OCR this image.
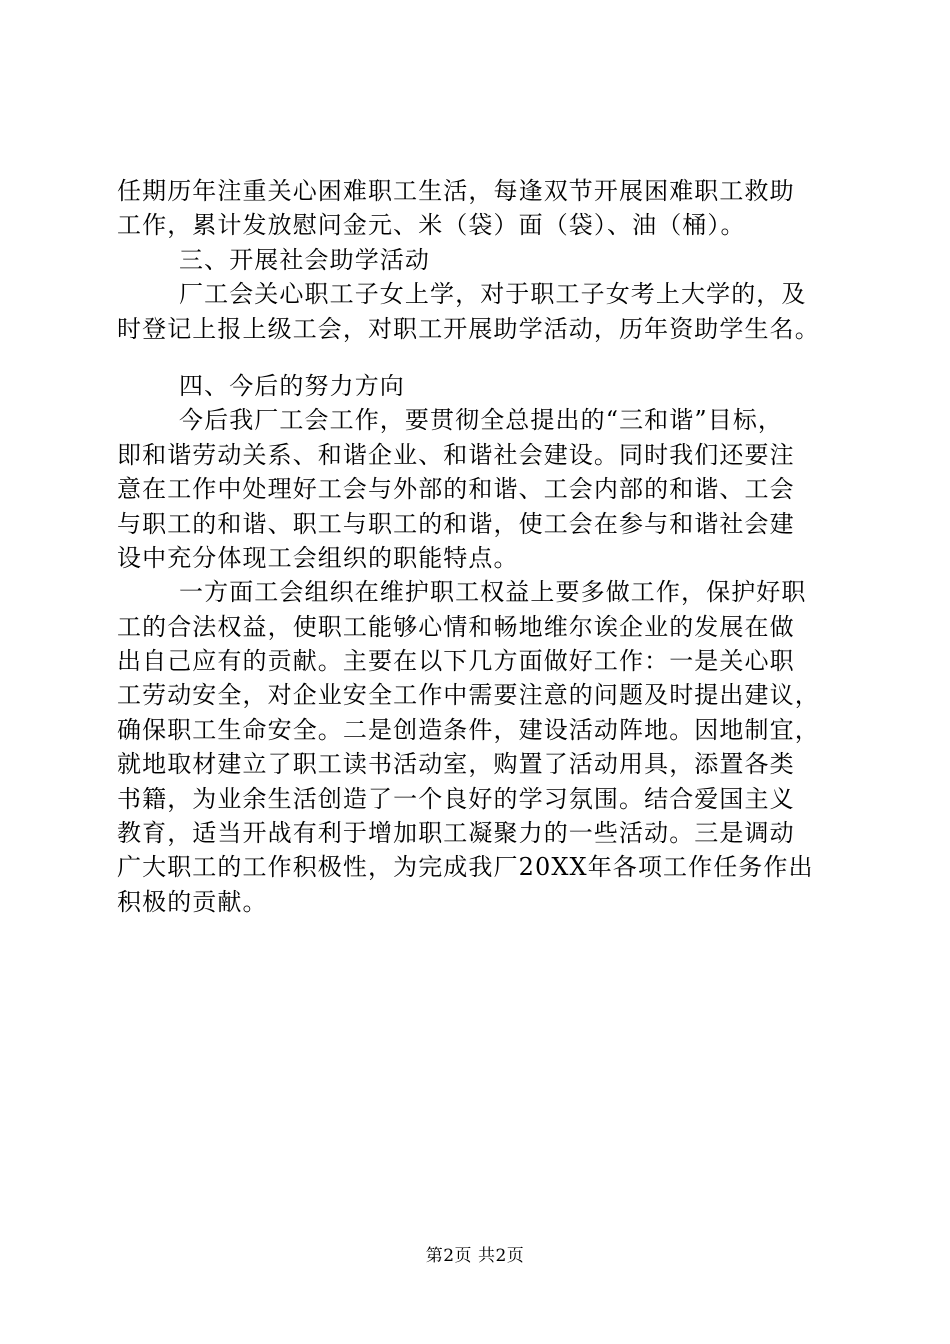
任期历年注重关心困难职工生活，每逢双节开展困难职工救助
工作，累计发放慰问金元、米（袋）面（袋）、油（桶）。
三、开展社会助学活动
厂工会关心职工子女上学，对于职工子女考上大学的，及
时登记上报上级工会，对职工开展助学活动，历年资助学生名。
四、今后的努力方向
今后我厂工会工作，要贯彻全总提出的“三和谐”目标，
即和谐劳动关系、和谐企业、和谐社会建设。同时我们还要注
意在工作中处理好工会与外部的和谐、工会内部的和谐、工会
与职工的和谐、职工与职工的和谐，使工会在参与和谐社会建
设中充分体现工会组织的职能特点。
一方面工会组织在维护职工权益上要多做工作，保护好职
工的合法权益，使职工能够心情和畅地维尔诶企业的发展在做
出自己应有的贡献。主要在以下几方面做好工作：一是关心职
工劳动安全，对企业安全工作中需要注意的问题及时提出建议，
确保职工生命安全。二是创造条件，建设活动阵地。因地制宜，
就地取材建立了职工读书活动室，购置了活动用具，添置各类
书籍，为业余生活创造了一个良好的学习氛围。结合爱国主义
教育，适当开战有利于增加职工凝聚力的一些活动。三是调动
广大职工的工作积极性，为完成我厂20XX年各项工作任务作出
积极的贡献。
第2页 共2页
